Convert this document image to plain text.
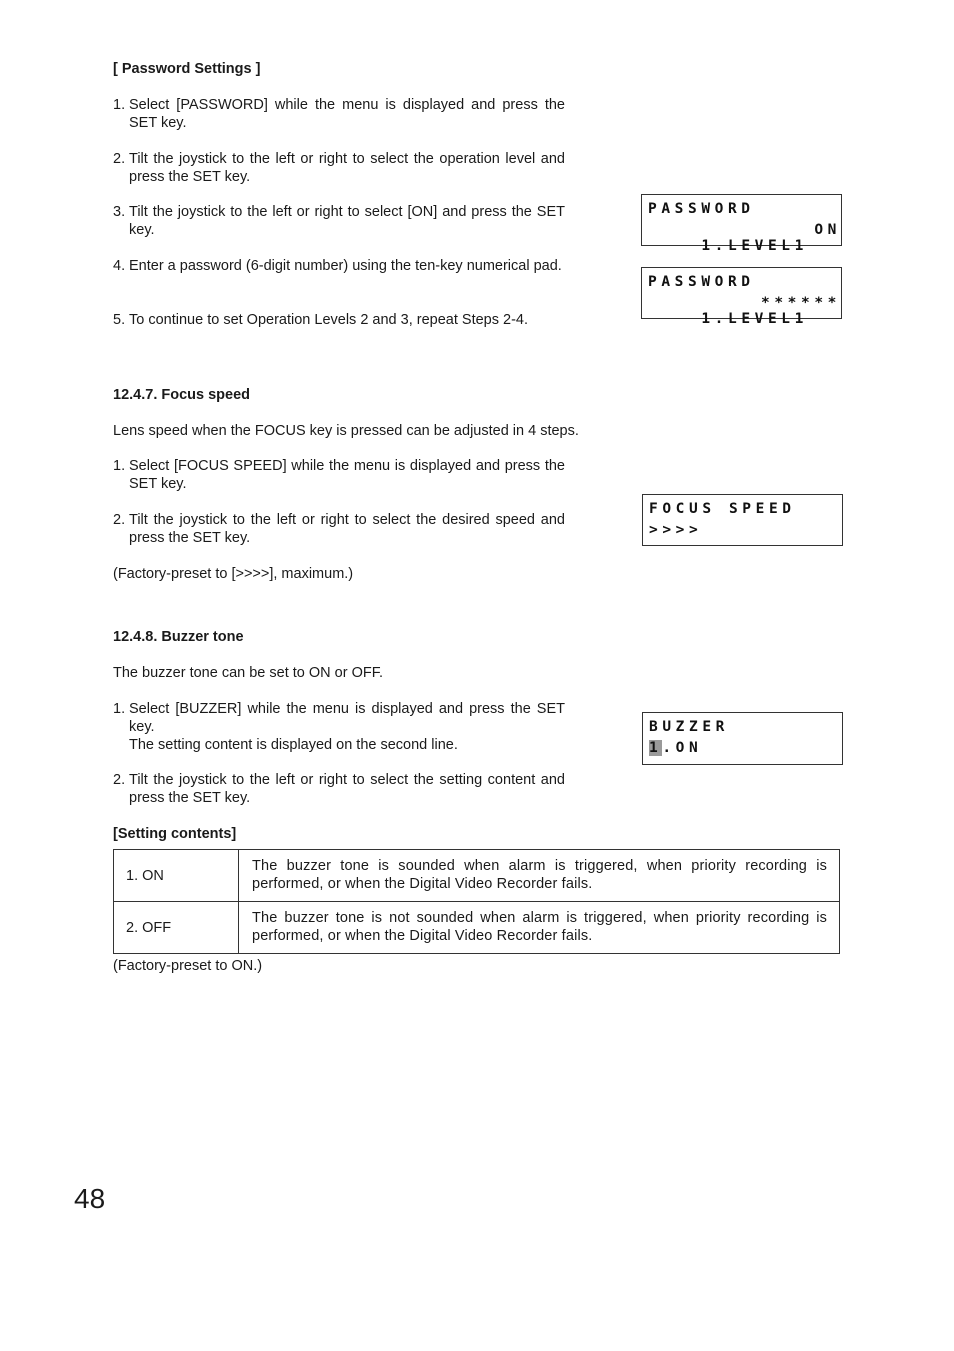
[ Password Settings ]
1. Select [PASSWORD] while the menu is displayed and press the SET key.
2. Tilt the joystick to the left or right to select the operation level and press the SET key.
3. Tilt the joystick to the left or right to select [ON] and press the SET key.
4. Enter a password (6-digit number) using the ten-key numerical pad.
5. To continue to set Operation Levels 2 and 3, repeat Steps 2-4.
PASSWORD

1.LEVEL1

ON

PASSWORD

1.LEVEL1

******

12.4.7. Focus speed
Lens speed when the FOCUS key is pressed can be adjusted in 4 steps.
1. Select [FOCUS SPEED] while the menu is displayed and press the SET key.
2. Tilt the joystick to the left or right to select the desired speed and press the SET key.
(Factory-preset to [>>>>], maximum.)
FOCUS SPEED
>>>>
12.4.8. Buzzer tone
The buzzer tone can be set to ON or OFF.
1. Select [BUZZER] while the menu is displayed and press the SET key.
The setting content is displayed on the second line.
2. Tilt the joystick to the left or right to select the setting content and press the SET key.
BUZZER
1.ON
[Setting contents]
1. ON	The buzzer tone is sounded when alarm is triggered, when priority recording is performed, or when the Digital Video Recorder fails.
2. OFF	The buzzer tone is not sounded when alarm is triggered, when priority recording is performed, or when the Digital Video Recorder fails.
(Factory-preset to ON.)
48
